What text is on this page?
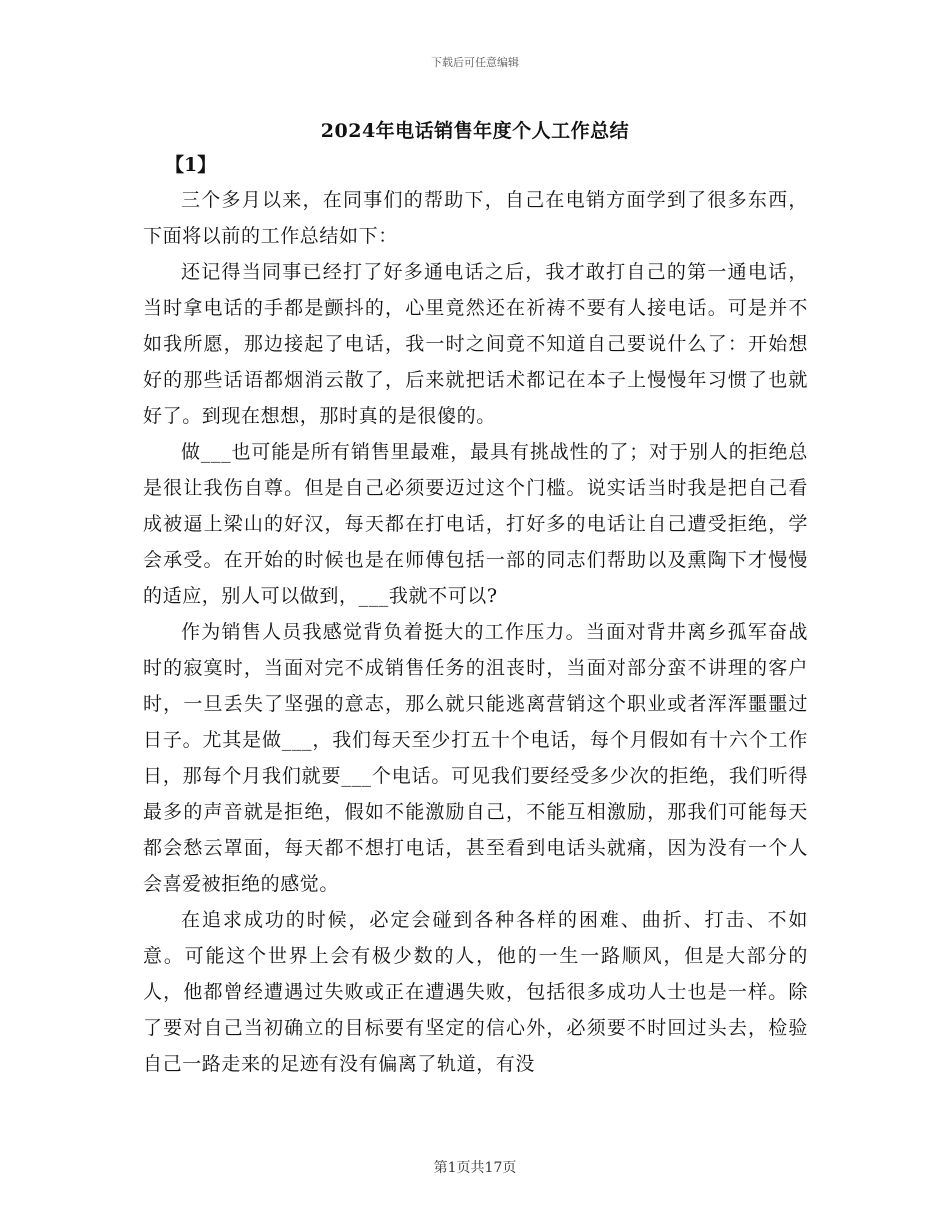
下载后可任意编辑
2024年电话销售年度个人工作总结
【1】

三个多月以来，在同事们的帮助下，自己在电销方面学到了很多东西，下面将以前的工作总结如下：

还记得当同事已经打了好多通电话之后，我才敢打自己的第一通电话，当时拿电话的手都是颤抖的，心里竟然还在祈祷不要有人接电话。可是并不如我所愿，那边接起了电话，我一时之间竟不知道自己要说什么了：开始想好的那些话语都烟消云散了，后来就把话术都记在本子上慢慢年习惯了也就好了。到现在想想，那时真的是很傻的。

做___也可能是所有销售里最难，最具有挑战性的了；对于别人的拒绝总是很让我伤自尊。但是自己必须要迈过这个门槛。说实话当时我是把自己看成被逼上梁山的好汉，每天都在打电话，打好多的电话让自己遭受拒绝，学会承受。在开始的时候也是在师傅包括一部的同志们帮助以及熏陶下才慢慢的适应，别人可以做到，___我就不可以?

作为销售人员我感觉背负着挺大的工作压力。当面对背井离乡孤军奋战时的寂寞时，当面对完不成销售任务的沮丧时，当面对部分蛮不讲理的客户时，一旦丢失了坚强的意志，那么就只能逃离营销这个职业或者浑浑噩噩过日子。尤其是做___，我们每天至少打五十个电话，每个月假如有十六个工作日，那每个月我们就要___个电话。可见我们要经受多少次的拒绝，我们听得最多的声音就是拒绝，假如不能激励自己，不能互相激励，那我们可能每天都会愁云罩面，每天都不想打电话，甚至看到电话头就痛，因为没有一个人会喜爱被拒绝的感觉。

在追求成功的时候，必定会碰到各种各样的困难、曲折、打击、不如意。可能这个世界上会有极少数的人，他的一生一路顺风，但是大部分的人，他都曾经遭遇过失败或正在遭遇失败，包括很多成功人士也是一样。除了要对自己当初确立的目标要有坚定的信心外，必须要不时回过头去，检验自己一路走来的足迹有没有偏离了轨道，有没

第1页共17页
